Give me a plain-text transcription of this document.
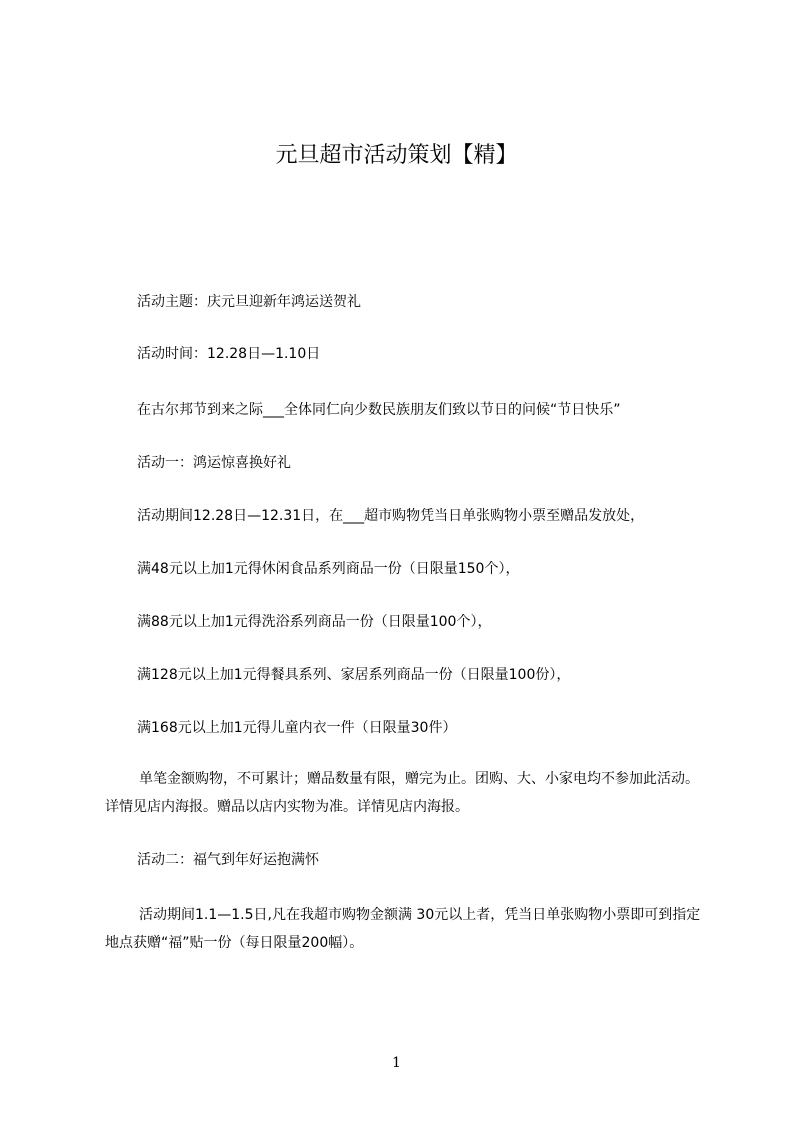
元旦超市活动策划【精】
活动主题：庆元旦迎新年鸿运送贺礼
活动时间：12.28日—1.10日
在古尔邦节到来之际___全体同仁向少数民族朋友们致以节日的问候“节日快乐”
活动一：鸿运惊喜换好礼
活动期间12.28日—12.31日，在___超市购物凭当日单张购物小票至赠品发放处，
满48元以上加1元得休闲食品系列商品一份（日限量150个），
满88元以上加1元得洗浴系列商品一份（日限量100个），
满128元以上加1元得餐具系列、家居系列商品一份（日限量100份），
满168元以上加1元得儿童内衣一件（日限量30件）
单笔金额购物，不可累计；赠品数量有限，赠完为止。团购、大、小家电均不参加此活动。详情见店内海报。赠品以店内实物为准。详情见店内海报。
活动二：福气到年好运抱满怀
活动期间1.1—1.5日,凡在我超市购物金额满 30元以上者，凭当日单张购物小票即可到指定地点获赠“福”贴一份（每日限量200幅）。
1
